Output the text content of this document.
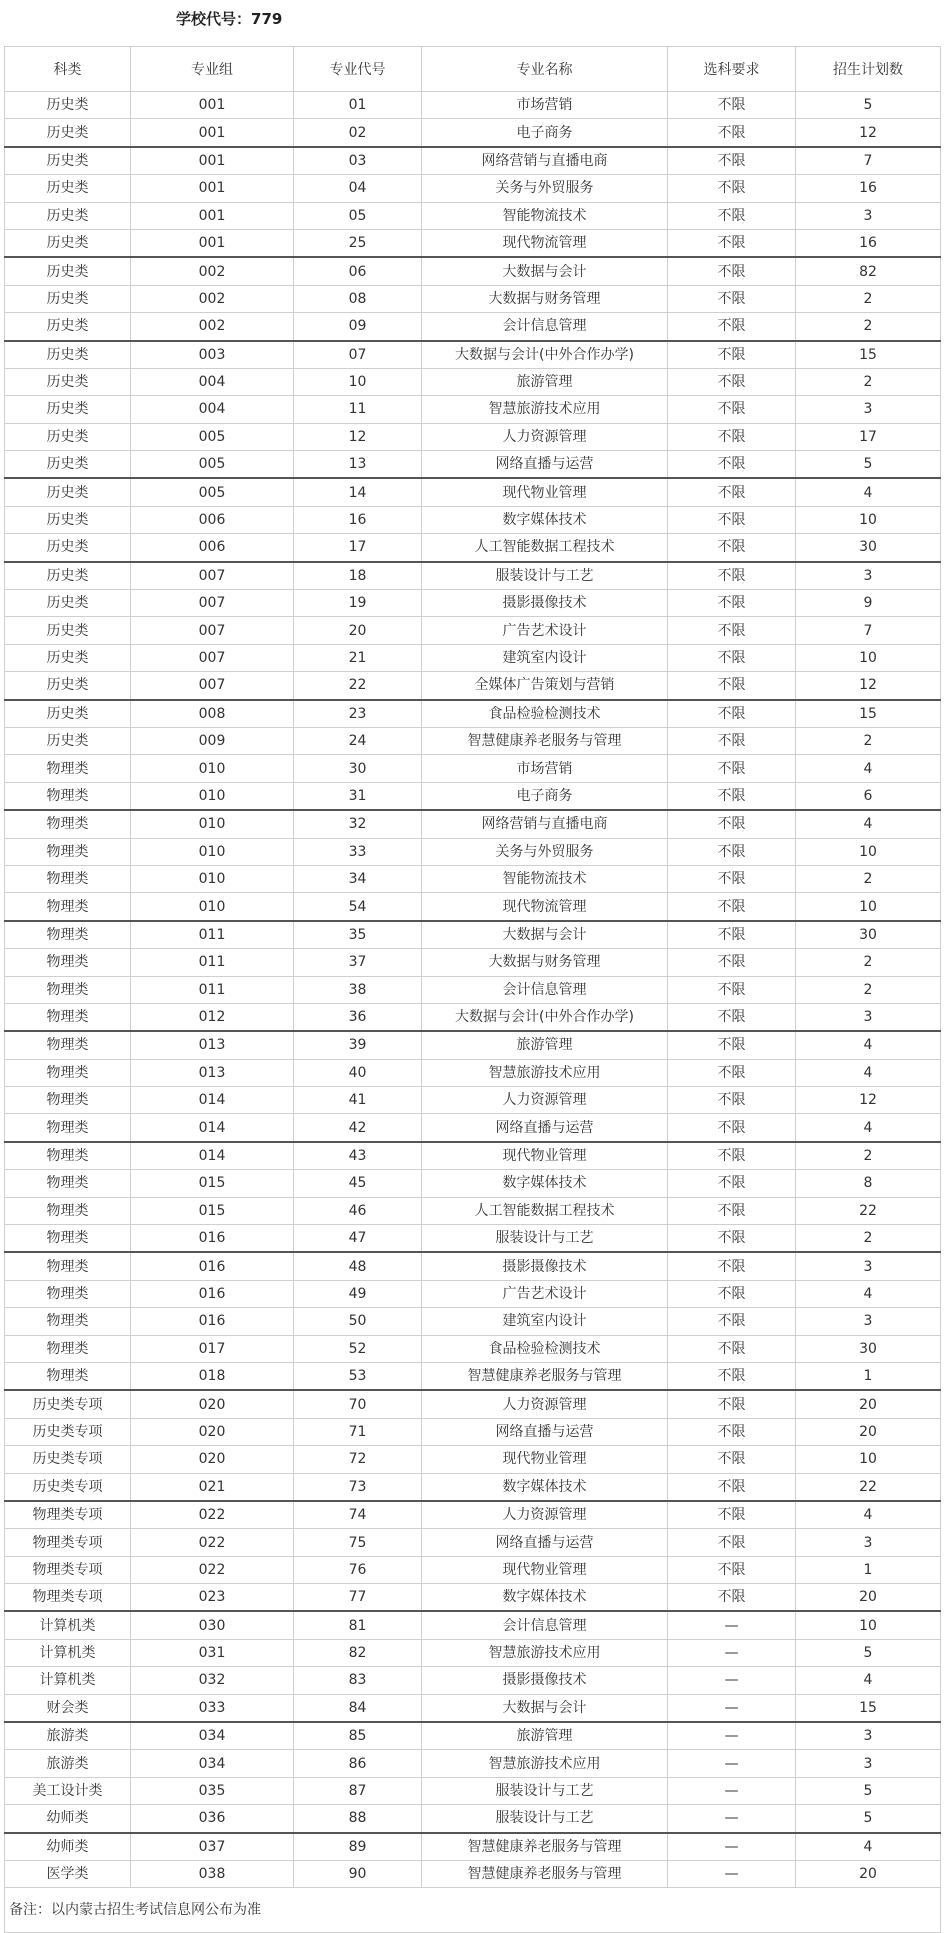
学校代号：779
科类	专业组	专业代号	专业名称	选科要求	招生计划数
历史类	001	01	市场营销	不限	5
历史类	001	02	电子商务	不限	12
历史类	001	03	网络营销与直播电商	不限	7
历史类	001	04	关务与外贸服务	不限	16
历史类	001	05	智能物流技术	不限	3
历史类	001	25	现代物流管理	不限	16
历史类	002	06	大数据与会计	不限	82
历史类	002	08	大数据与财务管理	不限	2
历史类	002	09	会计信息管理	不限	2
历史类	003	07	大数据与会计(中外合作办学)	不限	15
历史类	004	10	旅游管理	不限	2
历史类	004	11	智慧旅游技术应用	不限	3
历史类	005	12	人力资源管理	不限	17
历史类	005	13	网络直播与运营	不限	5
历史类	005	14	现代物业管理	不限	4
历史类	006	16	数字媒体技术	不限	10
历史类	006	17	人工智能数据工程技术	不限	30
历史类	007	18	服装设计与工艺	不限	3
历史类	007	19	摄影摄像技术	不限	9
历史类	007	20	广告艺术设计	不限	7
历史类	007	21	建筑室内设计	不限	10
历史类	007	22	全媒体广告策划与营销	不限	12
历史类	008	23	食品检验检测技术	不限	15
历史类	009	24	智慧健康养老服务与管理	不限	2
物理类	010	30	市场营销	不限	4
物理类	010	31	电子商务	不限	6
物理类	010	32	网络营销与直播电商	不限	4
物理类	010	33	关务与外贸服务	不限	10
物理类	010	34	智能物流技术	不限	2
物理类	010	54	现代物流管理	不限	10
物理类	011	35	大数据与会计	不限	30
物理类	011	37	大数据与财务管理	不限	2
物理类	011	38	会计信息管理	不限	2
物理类	012	36	大数据与会计(中外合作办学)	不限	3
物理类	013	39	旅游管理	不限	4
物理类	013	40	智慧旅游技术应用	不限	4
物理类	014	41	人力资源管理	不限	12
物理类	014	42	网络直播与运营	不限	4
物理类	014	43	现代物业管理	不限	2
物理类	015	45	数字媒体技术	不限	8
物理类	015	46	人工智能数据工程技术	不限	22
物理类	016	47	服装设计与工艺	不限	2
物理类	016	48	摄影摄像技术	不限	3
物理类	016	49	广告艺术设计	不限	4
物理类	016	50	建筑室内设计	不限	3
物理类	017	52	食品检验检测技术	不限	30
物理类	018	53	智慧健康养老服务与管理	不限	1
历史类专项	020	70	人力资源管理	不限	20
历史类专项	020	71	网络直播与运营	不限	20
历史类专项	020	72	现代物业管理	不限	10
历史类专项	021	73	数字媒体技术	不限	22
物理类专项	022	74	人力资源管理	不限	4
物理类专项	022	75	网络直播与运营	不限	3
物理类专项	022	76	现代物业管理	不限	1
物理类专项	023	77	数字媒体技术	不限	20
计算机类	030	81	会计信息管理	—	10
计算机类	031	82	智慧旅游技术应用	—	5
计算机类	032	83	摄影摄像技术	—	4
财会类	033	84	大数据与会计	—	15
旅游类	034	85	旅游管理	—	3
旅游类	034	86	智慧旅游技术应用	—	3
美工设计类	035	87	服装设计与工艺	—	5
幼师类	036	88	服装设计与工艺	—	5
幼师类	037	89	智慧健康养老服务与管理	—	4
医学类	038	90	智慧健康养老服务与管理	—	20
备注：以内蒙古招生考试信息网公布为准					
